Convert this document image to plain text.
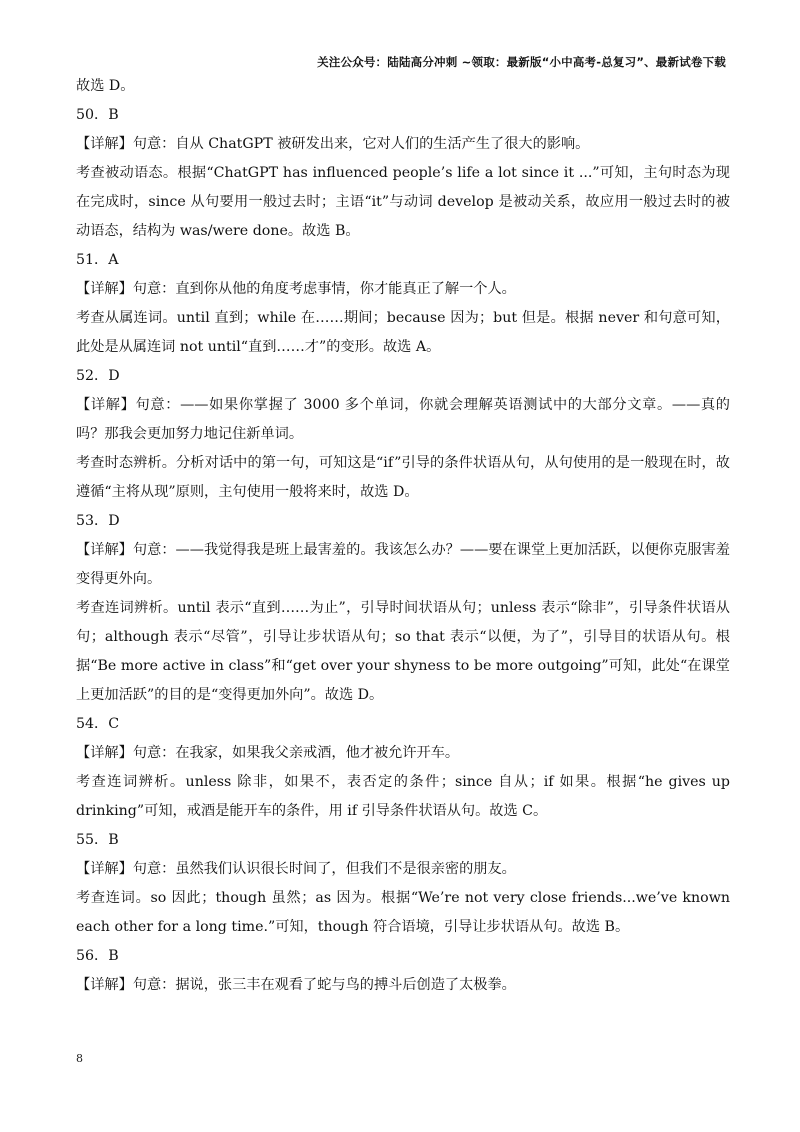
关注公众号：陆陆高分冲刺 ~领取：最新版“小中高考-总复习”、最新试卷下载
故选 D。
50．B
【详解】句意：自从 ChatGPT 被研发出来，它对人们的生活产生了很大的影响。
考查被动语态。根据“ChatGPT has influenced people’s life a lot since it ...”可知，主句时态为现在完成时，since 从句要用一般过去时；主语“it”与动词 develop 是被动关系，故应用一般过去时的被动语态，结构为 was/were done。故选 B。
51．A
【详解】句意：直到你从他的角度考虑事情，你才能真正了解一个人。
考查从属连词。until 直到；while 在……期间；because 因为；but 但是。根据 never 和句意可知，此处是从属连词 not until“直到……才”的变形。故选 A。
52．D
【详解】句意：——如果你掌握了 3000 多个单词，你就会理解英语测试中的大部分文章。——真的吗？那我会更加努力地记住新单词。
考查时态辨析。分析对话中的第一句，可知这是“if”引导的条件状语从句，从句使用的是一般现在时，故遵循“主将从现”原则，主句使用一般将来时，故选 D。
53．D
【详解】句意：——我觉得我是班上最害羞的。我该怎么办？——要在课堂上更加活跃，以便你克服害羞变得更外向。
考查连词辨析。until 表示“直到……为止”，引导时间状语从句；unless 表示“除非”，引导条件状语从句；although 表示“尽管”，引导让步状语从句；so that 表示“以便，为了”，引导目的状语从句。根据“Be more active in class”和“get over your shyness to be more outgoing”可知，此处“在课堂上更加活跃”的目的是“变得更加外向”。故选 D。
54．C
【详解】句意：在我家，如果我父亲戒酒，他才被允许开车。
考查连词辨析。unless 除非，如果不，表否定的条件；since 自从；if 如果。根据“he gives up drinking”可知，戒酒是能开车的条件，用 if 引导条件状语从句。故选 C。
55．B
【详解】句意：虽然我们认识很长时间了，但我们不是很亲密的朋友。
考查连词。so 因此；though 虽然；as 因为。根据“We’re not very close friends...we’ve known each other for a long time.”可知，though 符合语境，引导让步状语从句。故选 B。
56．B
【详解】句意：据说，张三丰在观看了蛇与鸟的搏斗后创造了太极拳。
8
